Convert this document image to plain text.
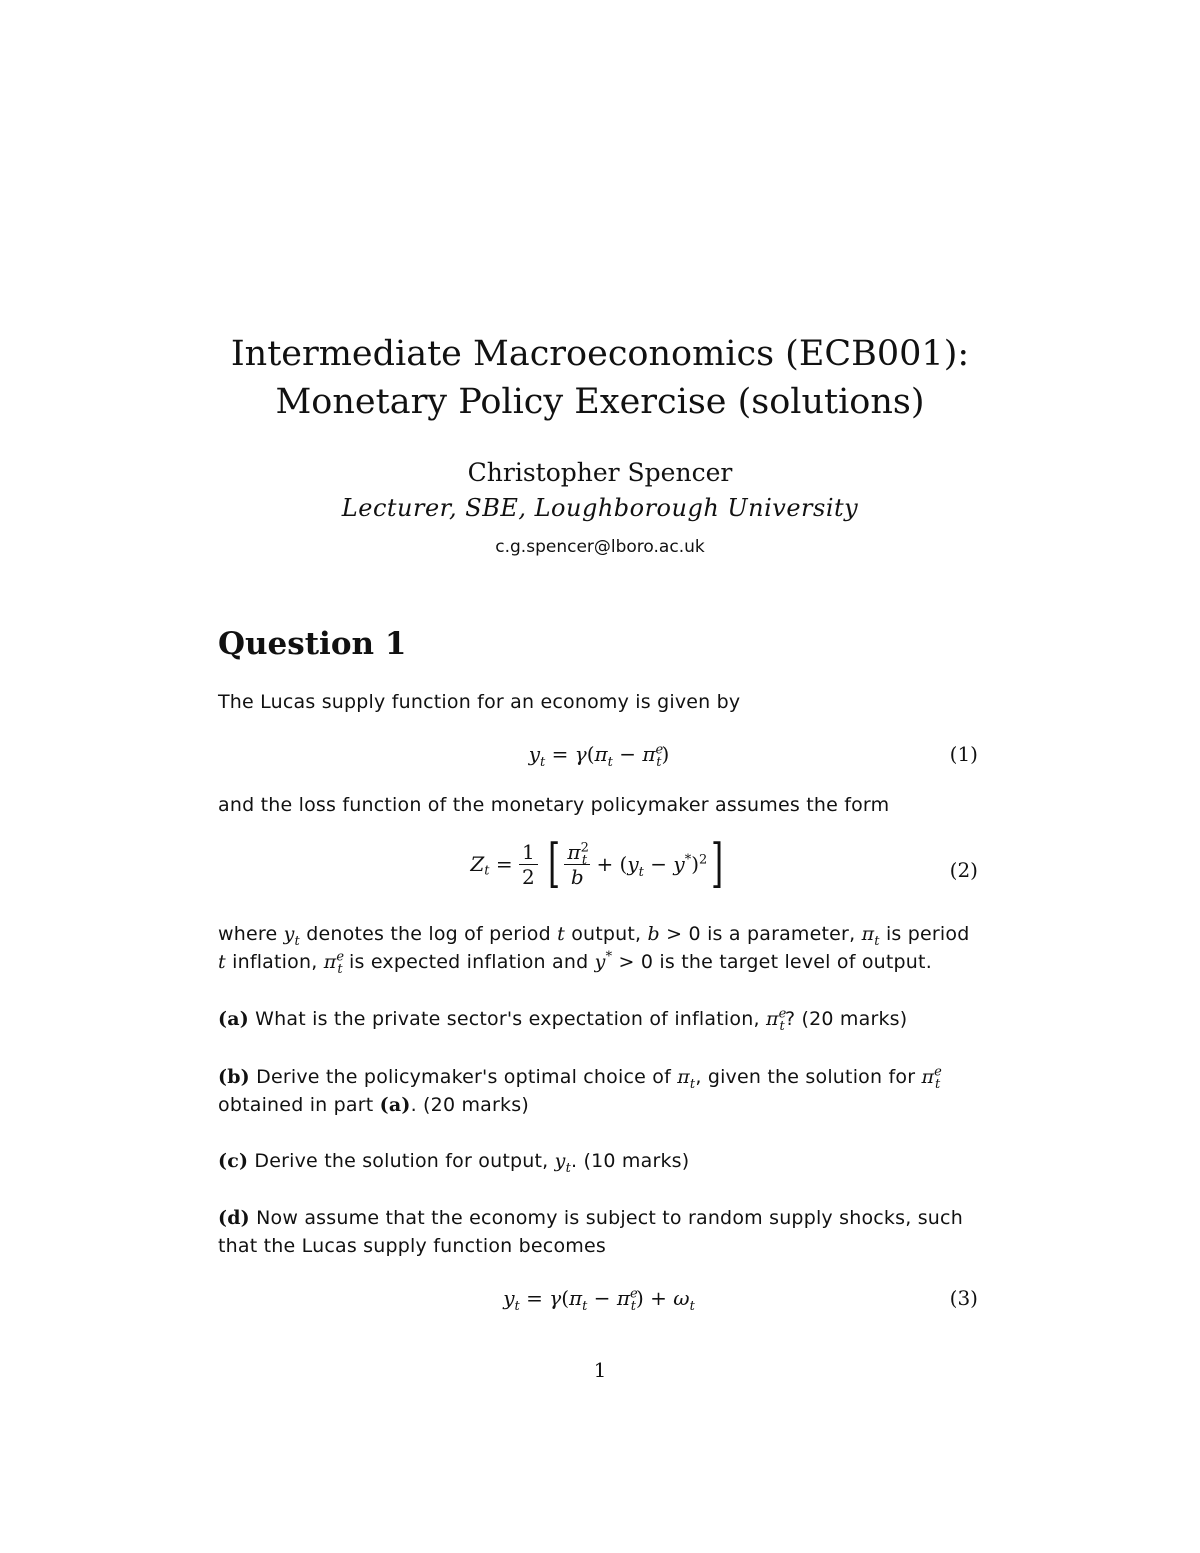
Intermediate Macroeconomics (ECB001):
Monetary Policy Exercise (solutions)
Christopher Spencer
Lecturer, SBE, Loughborough University
c.g.spencer@lboro.ac.uk
Question 1
The Lucas supply function for an economy is given by
$y_t = \gamma(\pi_t - \pi^e_t)$	(1)
and the loss function of the monetary policymaker assumes the form
$Z_t = \frac{1}{2}$ [ $\frac{\pi^2_t}{b} + (y_t - y^*)^2$]	(2)
where $y_t$ denotes the log of period t output, b > 0 is a parameter, $\pi_t$ is period
t inflation, $\pi^e_t$ is expected inflation and y* > 0 is the target level of output.
(a) What is the private sector's expectation of inflation, $\pi^e_t$? (20 marks)
(b) Derive the policymaker's optimal choice of $\pi_t$, given the solution for $\pi^e_t$
obtained in part (a). (20 marks)
(c) Derive the solution for output, $y_t$. (10 marks)
(d) Now assume that the economy is subject to random supply shocks, such that the Lucas supply function becomes
$y_t = \gamma(\pi_t - \pi^e_t) + \omega_t$	(3)
1
